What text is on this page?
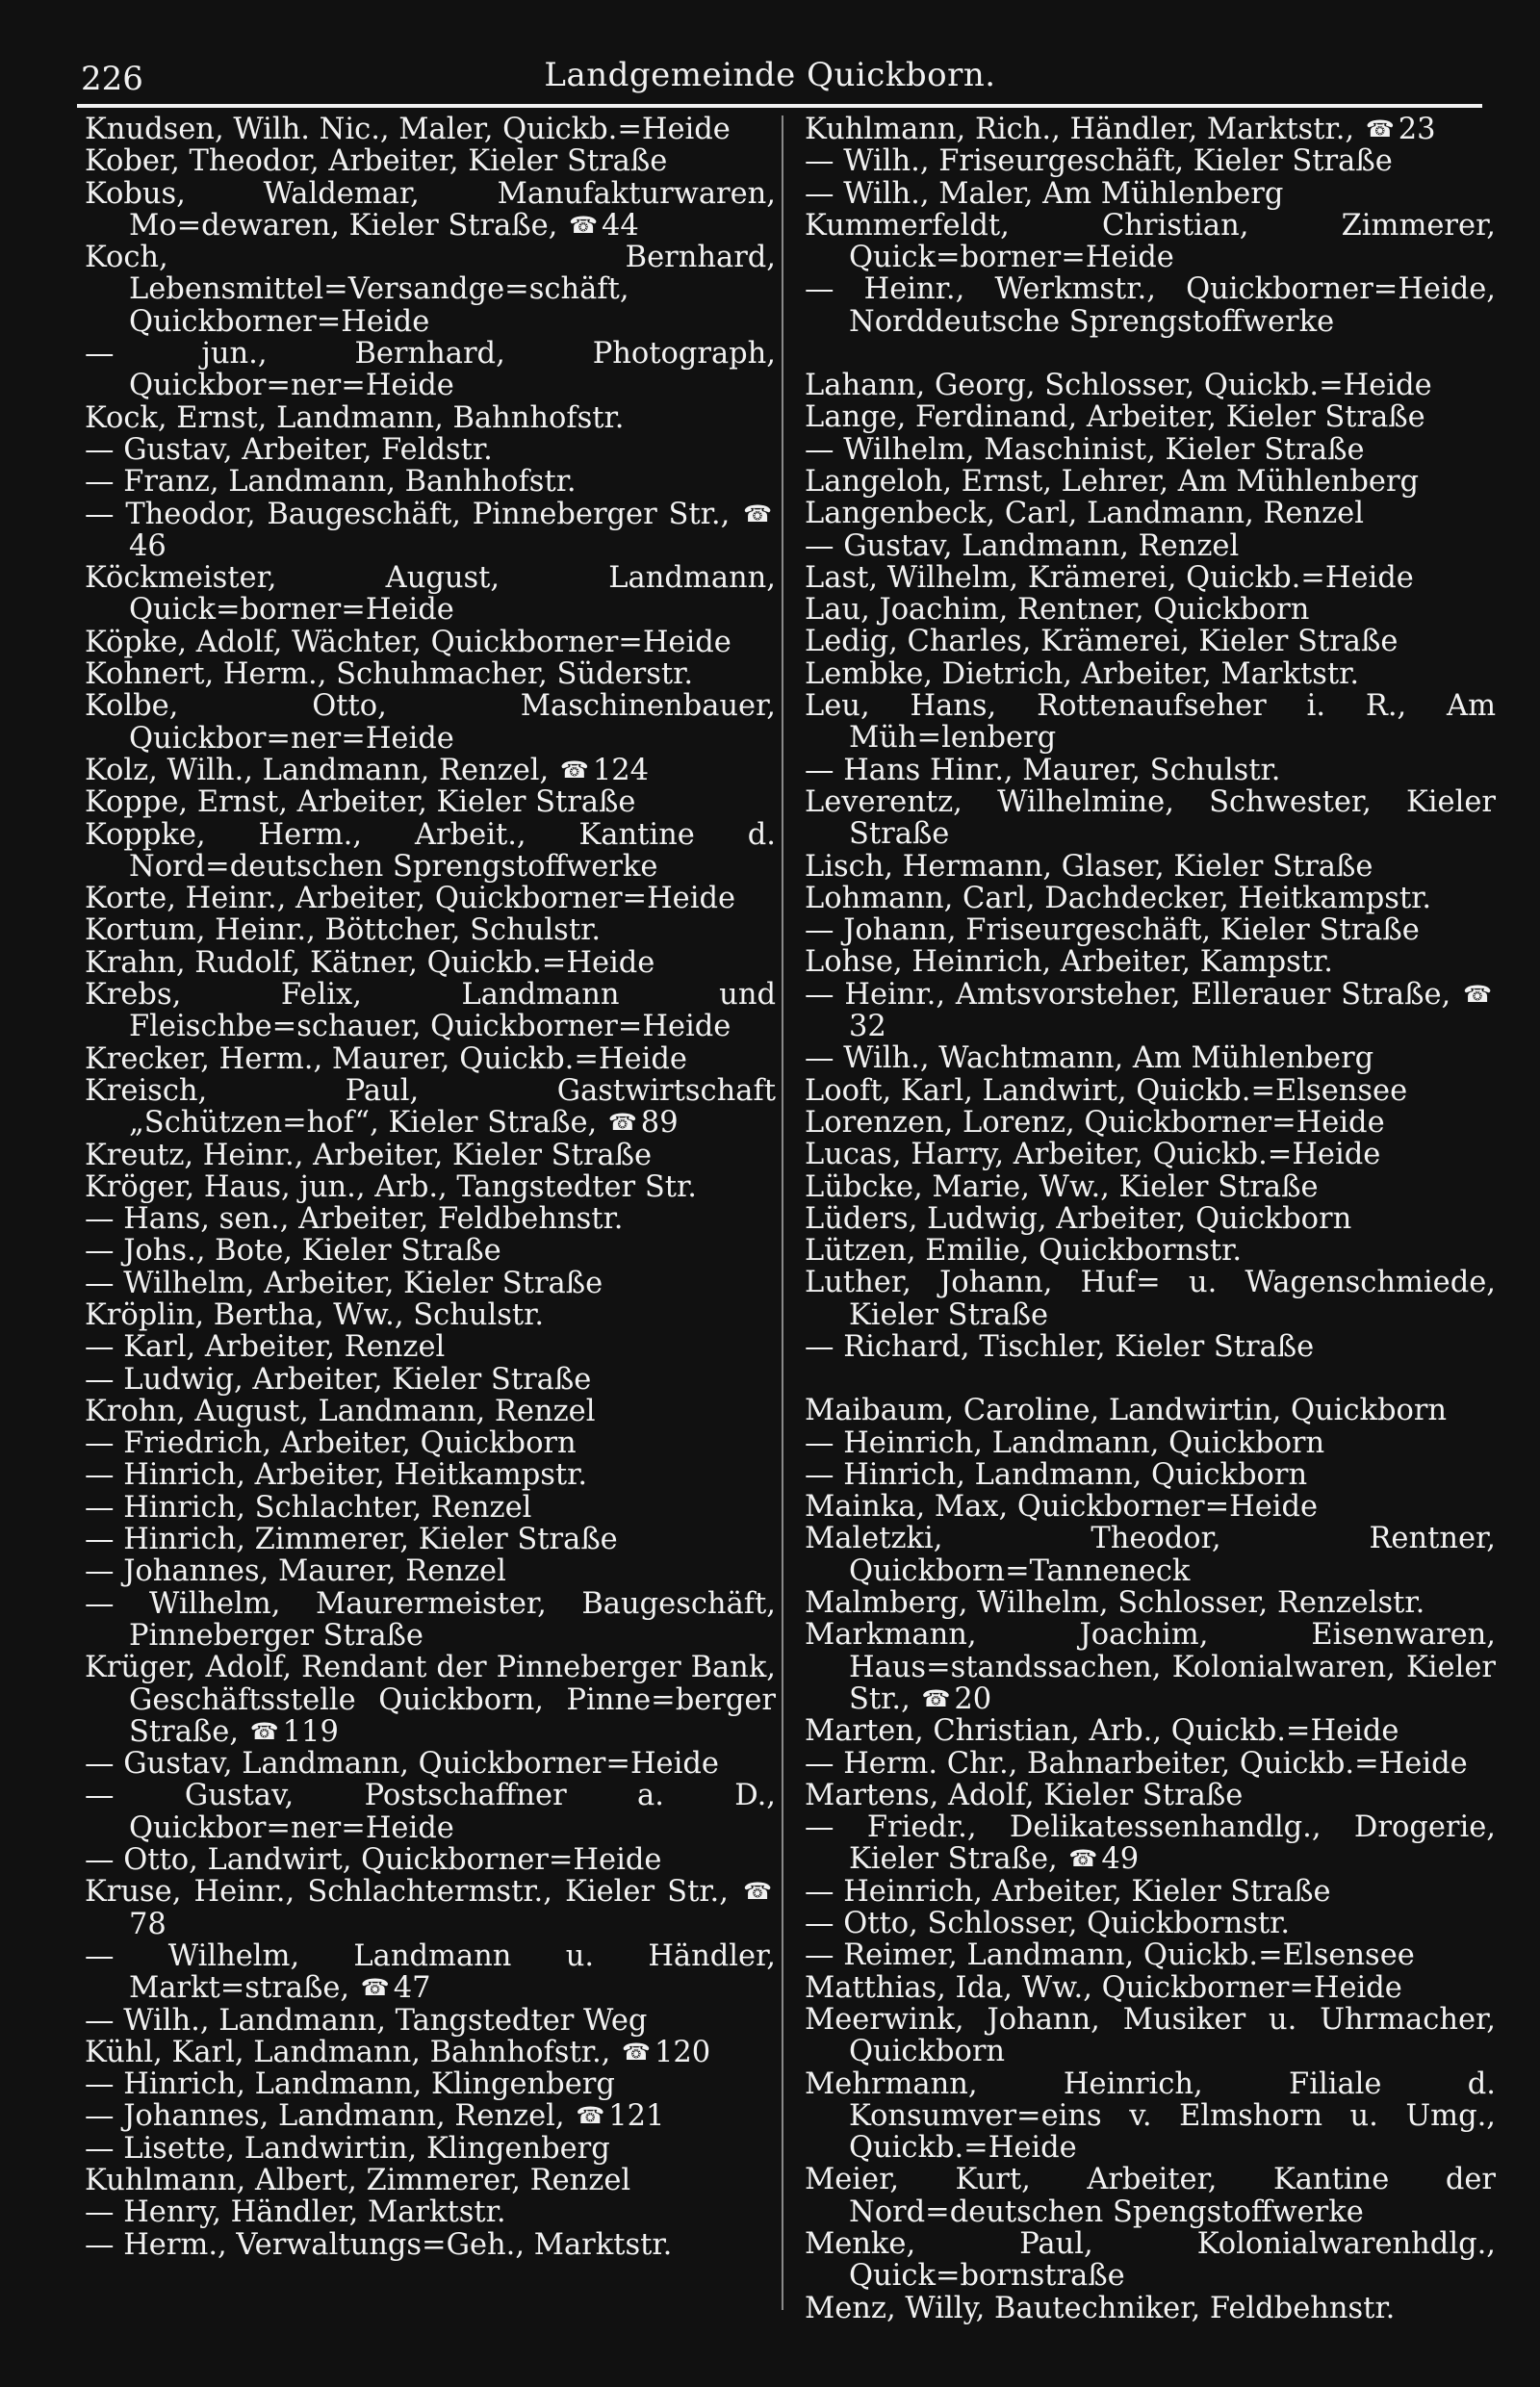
226	Landgemeinde Quickborn.

Knudsen, Wilh. Nic., Maler, Quickb.=Heide

Kober, Theodor, Arbeiter, Kieler Straße

Kobus, Waldemar, Manufakturwaren, Mo=dewaren, Kieler Straße, ☎ 44

Koch, Bernhard, Lebensmittel=Versandge=schäft, Quickborner=Heide

— jun., Bernhard, Photograph, Quickbor=ner=Heide

Kock, Ernst, Landmann, Bahnhofstr.

— Gustav, Arbeiter, Feldstr.

— Franz, Landmann, Banhhofstr.

— Theodor, Baugeschäft, Pinneberger Str., ☎46

Köckmeister, August, Landmann, Quick=borner=Heide

Köpke, Adolf, Wächter, Quickborner=Heide

Kohnert, Herm., Schuhmacher, Süderstr.

Kolbe, Otto, Maschinenbauer, Quickbor=ner=Heide

Kolz, Wilh., Landmann, Renzel, ☎ 124

Koppe, Ernst, Arbeiter, Kieler Straße

Koppke, Herm., Arbeit., Kantine d. Nord=deutschen Sprengstoffwerke

Korte, Heinr., Arbeiter, Quickborner=Heide

Kortum, Heinr., Böttcher, Schulstr.

Krahn, Rudolf, Kätner, Quickb.=Heide

Krebs, Felix, Landmann und Fleischbe=schauer, Quickborner=Heide

Krecker, Herm., Maurer, Quickb.=Heide

Kreisch, Paul, Gastwirtschaft „Schützen=hof“, Kieler Straße, ☎ 89

Kreutz, Heinr., Arbeiter, Kieler Straße

Kröger, Haus, jun., Arb., Tangstedter Str.

— Hans, sen., Arbeiter, Feldbehnstr.

— Johs., Bote, Kieler Straße

— Wilhelm, Arbeiter, Kieler Straße

Kröplin, Bertha, Ww., Schulstr.

— Karl, Arbeiter, Renzel

— Ludwig, Arbeiter, Kieler Straße

Krohn, August, Landmann, Renzel

— Friedrich, Arbeiter, Quickborn

— Hinrich, Arbeiter, Heitkampstr.

— Hinrich, Schlachter, Renzel

— Hinrich, Zimmerer, Kieler Straße

— Johannes, Maurer, Renzel

— Wilhelm, Maurermeister, Baugeschäft, Pinneberger Straße

Krüger, Adolf, Rendant der Pinneberger Bank, Geschäftsstelle Quickborn, Pinne=berger Straße, ☎ 119

— Gustav, Landmann, Quickborner=Heide

— Gustav, Postschaffner a. D., Quickbor=ner=Heide

— Otto, Landwirt, Quickborner=Heide

Kruse, Heinr., Schlachtermstr., Kieler Str., ☎78

— Wilhelm, Landmann u. Händler, Markt=straße, ☎ 47

— Wilh., Landmann, Tangstedter Weg

Kühl, Karl, Landmann, Bahnhofstr., ☎ 120

— Hinrich, Landmann, Klingenberg

— Johannes, Landmann, Renzel, ☎ 121

— Lisette, Landwirtin, Klingenberg

Kuhlmann, Albert, Zimmerer, Renzel

— Henry, Händler, Marktstr.

— Herm., Verwaltungs=Geh., Marktstr.

Kuhlmann, Rich., Händler, Marktstr., ☎ 23

— Wilh., Friseurgeschäft, Kieler Straße

— Wilh., Maler, Am Mühlenberg

Kummerfeldt, Christian, Zimmerer, Quick=borner=Heide

— Heinr., Werkmstr., Quickborner=Heide, Norddeutsche Sprengstoffwerke

Lahann, Georg, Schlosser, Quickb.=Heide

Lange, Ferdinand, Arbeiter, Kieler Straße

— Wilhelm, Maschinist, Kieler Straße

Langeloh, Ernst, Lehrer, Am Mühlenberg

Langenbeck, Carl, Landmann, Renzel

— Gustav, Landmann, Renzel

Last, Wilhelm, Krämerei, Quickb.=Heide

Lau, Joachim, Rentner, Quickborn

Ledig, Charles, Krämerei, Kieler Straße

Lembke, Dietrich, Arbeiter, Marktstr.

Leu, Hans, Rottenaufseher i. R., Am Müh=lenberg

— Hans Hinr., Maurer, Schulstr.

Leverentz, Wilhelmine, Schwester, Kieler Straße

Lisch, Hermann, Glaser, Kieler Straße

Lohmann, Carl, Dachdecker, Heitkampstr.

— Johann, Friseurgeschäft, Kieler Straße

Lohse, Heinrich, Arbeiter, Kampstr.

— Heinr., Amtsvorsteher, Ellerauer Straße, ☎32

— Wilh., Wachtmann, Am Mühlenberg

Looft, Karl, Landwirt, Quickb.=Elsensee

Lorenzen, Lorenz, Quickborner=Heide

Lucas, Harry, Arbeiter, Quickb.=Heide

Lübcke, Marie, Ww., Kieler Straße

Lüders, Ludwig, Arbeiter, Quickborn

Lützen, Emilie, Quickbornstr.

Luther, Johann, Huf= u. Wagenschmiede, Kieler Straße

— Richard, Tischler, Kieler Straße

Maibaum, Caroline, Landwirtin, Quickborn

— Heinrich, Landmann, Quickborn

— Hinrich, Landmann, Quickborn

Mainka, Max, Quickborner=Heide

Maletzki, Theodor, Rentner, Quickborn=Tanneneck

Malmberg, Wilhelm, Schlosser, Renzelstr.

Markmann, Joachim, Eisenwaren, Haus=standssachen, Kolonialwaren, Kieler Str., ☎ 20

Marten, Christian, Arb., Quickb.=Heide

— Herm. Chr., Bahnarbeiter, Quickb.=Heide

Martens, Adolf, Kieler Straße

— Friedr., Delikatessenhandlg., Drogerie, Kieler Straße, ☎ 49

— Heinrich, Arbeiter, Kieler Straße

— Otto, Schlosser, Quickbornstr.

— Reimer, Landmann, Quickb.=Elsensee

Matthias, Ida, Ww., Quickborner=Heide

Meerwink, Johann, Musiker u. Uhrmacher, Quickborn

Mehrmann, Heinrich, Filiale d. Konsumver=eins v. Elmshorn u. Umg., Quickb.=Heide

Meier, Kurt, Arbeiter, Kantine der Nord=deutschen Spengstoffwerke

Menke, Paul, Kolonialwarenhdlg., Quick=bornstraße

Menz, Willy, Bautechniker, Feldbehnstr.
